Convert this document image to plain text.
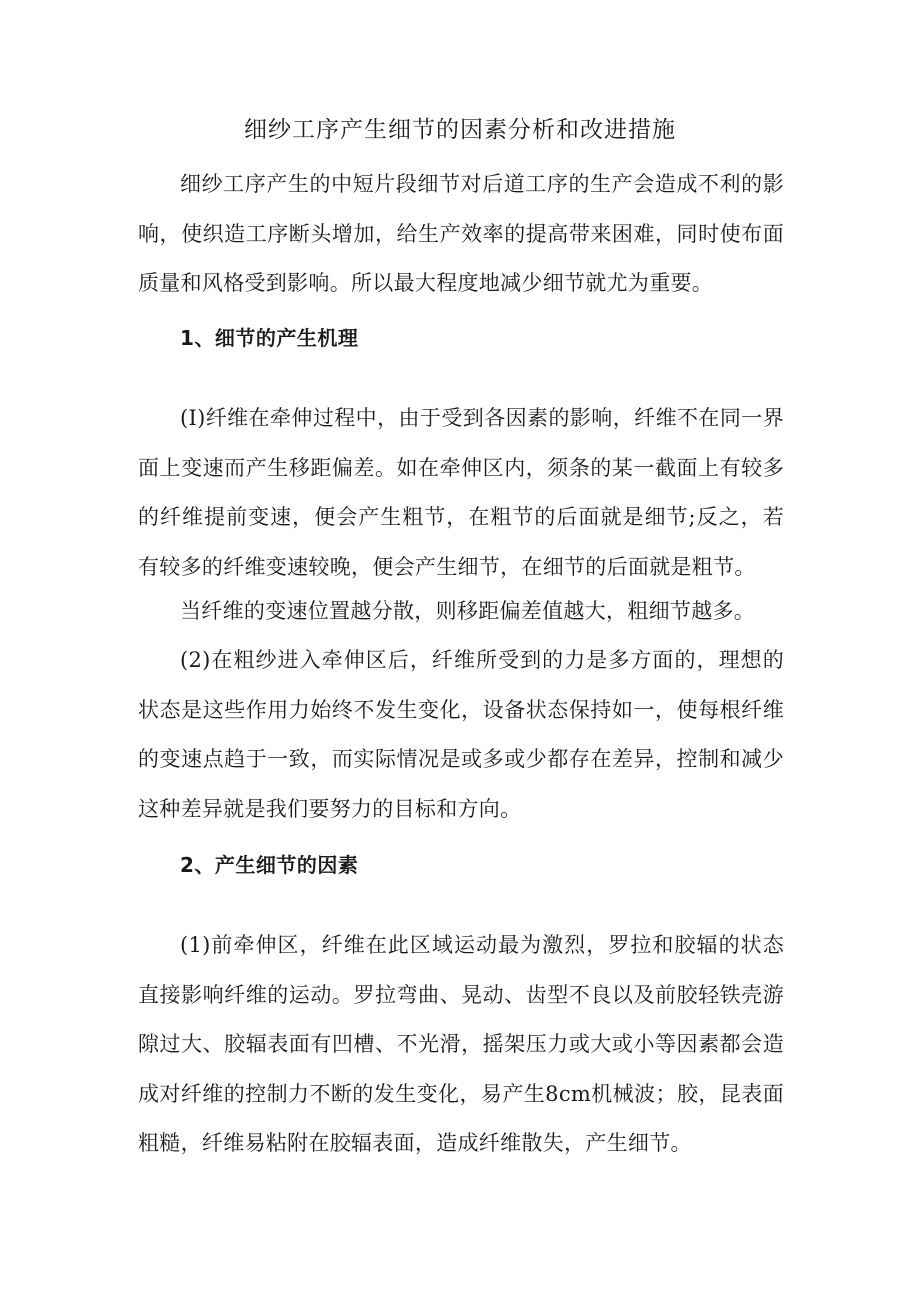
细纱工序产生细节的因素分析和改进措施

细纱工序产生的中短片段细节对后道工序的生产会造成不利的影响，使织造工序断头增加，给生产效率的提高带来困难，同时使布面质量和风格受到影响。所以最大程度地减少细节就尤为重要。

1、细节的产生机理

(I)纤维在牵伸过程中，由于受到各因素的影响，纤维不在同一界面上变速而产生移距偏差。如在牵伸区内，须条的某一截面上有较多的纤维提前变速，便会产生粗节，在粗节的后面就是细节;反之，若有较多的纤维变速较晚，便会产生细节，在细节的后面就是粗节。

当纤维的变速位置越分散，则移距偏差值越大，粗细节越多。

(2)在粗纱进入牵伸区后，纤维所受到的力是多方面的，理想的状态是这些作用力始终不发生变化，设备状态保持如一，使每根纤维的变速点趋于一致，而实际情况是或多或少都存在差异，控制和减少这种差异就是我们要努力的目标和方向。

2、产生细节的因素

(1)前牵伸区，纤维在此区域运动最为激烈，罗拉和胶辐的状态直接影响纤维的运动。罗拉弯曲、晃动、齿型不良以及前胶轻铁壳游隙过大、胶辐表面有凹槽、不光滑，摇架压力或大或小等因素都会造成对纤维的控制力不断的发生变化，易产生8cm机械波；胶，昆表面粗糙，纤维易粘附在胶辐表面，造成纤维散失，产生细节。
